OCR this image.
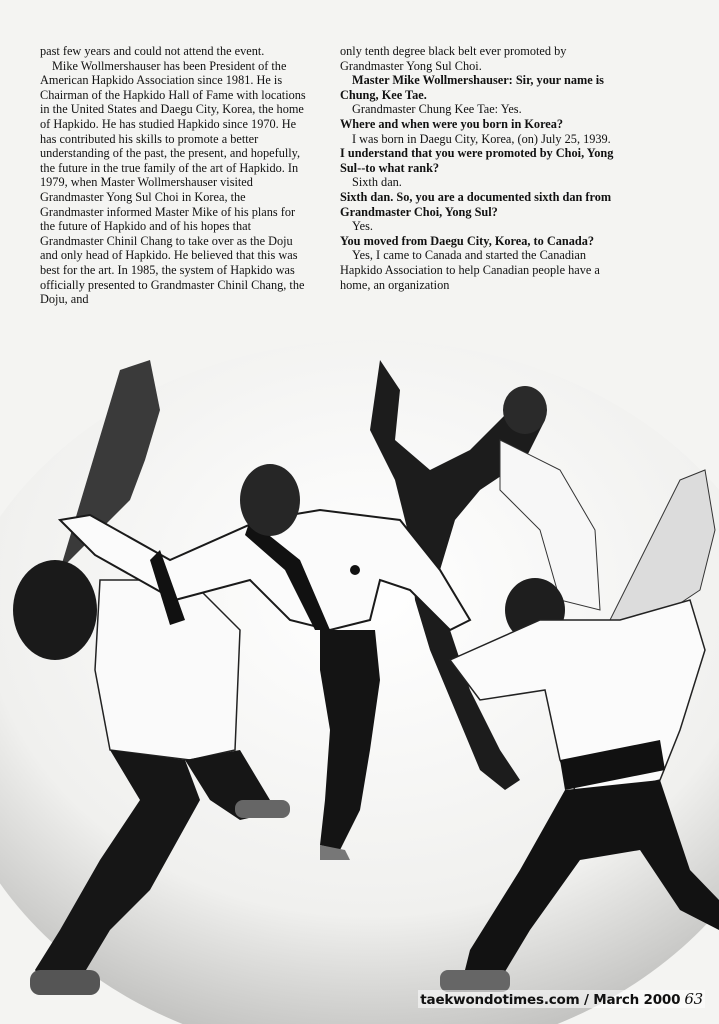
past few years and could not attend the event.

Mike Wollmershauser has been President of the American Hapkido Association since 1981. He is Chairman of the Hapkido Hall of Fame with locations in the United States and Daegu City, Korea, the home of Hapkido. He has studied Hapkido since 1970. He has contributed his skills to promote a better understanding of the past, the present, and hopefully, the future in the true family of the art of Hapkido. In 1979, when Master Wollmershauser visited Grandmaster Yong Sul Choi in Korea, the Grandmaster informed Master Mike of his plans for the future of Hapkido and of his hopes that Grandmaster Chinil Chang to take over as the Doju and only head of Hapkido. He believed that this was best for the art. In 1985, the system of Hapkido was officially presented to Grandmaster Chinil Chang, the Doju, and

only tenth degree black belt ever promoted by Grandmaster Yong Sul Choi.

Master Mike Wollmershauser: Sir, your name is Chung, Kee Tae.

Grandmaster Chung Kee Tae: Yes.

Where and when were you born in Korea?

I was born in Daegu City, Korea, (on) July 25, 1939.

I understand that you were promoted by Choi, Yong Sul--to what rank?

Sixth dan.

Sixth dan. So, you are a documented sixth dan from Grandmaster Choi, Yong Sul?

Yes.

You moved from Daegu City, Korea, to Canada?

Yes, I came to Canada and started the Canadian Hapkido Association to help Canadian people have a home, an organization

taekwondotimes.com / March 2000 63
